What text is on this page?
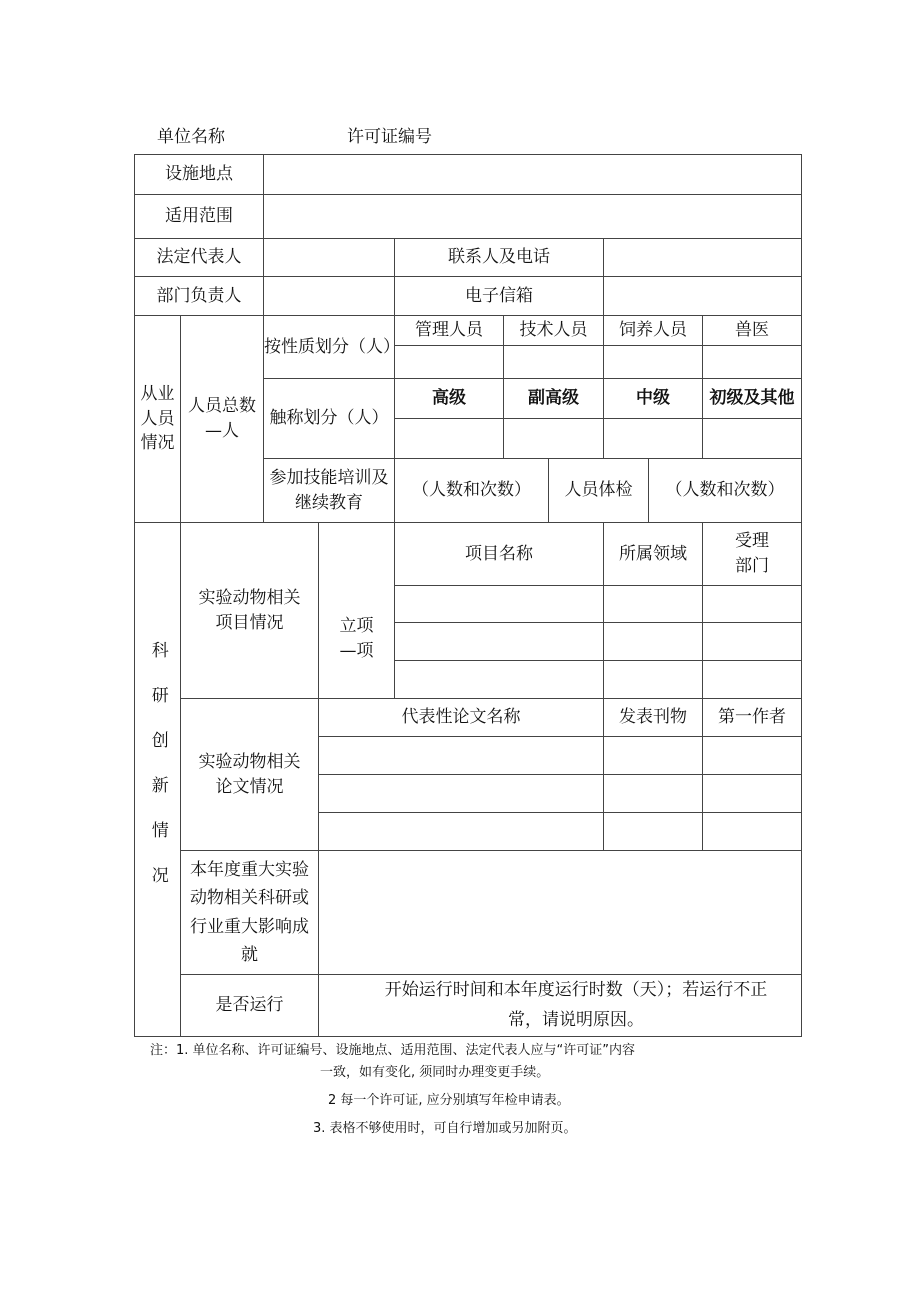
单位名称	许可证编号
设施地点									
适用范围									
法定代表人				联系人及电话					
部门负责人				电子信箱					
从业人员情况	人员总数—人	按性质划分（人）		管理人员	技术人员		饲养人员		兽医

		触称划分（人）		高级	副高级		中级		初级及其他

		参加技能培训及继续教育		（人数和次数）		人员体检		（人数和次数）	

科研创新情况	实验动物相关项目情况		立项—项	项目名称			所属领域		受理部门

	实验动物相关论文情况		代表性论文名称				发表刊物		第一作者

	本年度重大实验动物相关科研或行业重大影响成就								
	是否运行		开始运行时间和本年度运行时数（天）；若运行不正常，请说明原因。						
注：1. 单位名称、许可证编号、设施地点、适用范围、法定代表人应与“许可证”内容
一致，如有变化, 须同时办理变更手续。
2 每一个许可证, 应分别填写年检申请表。
3. 表格不够使用时，可自行增加或另加附页。
